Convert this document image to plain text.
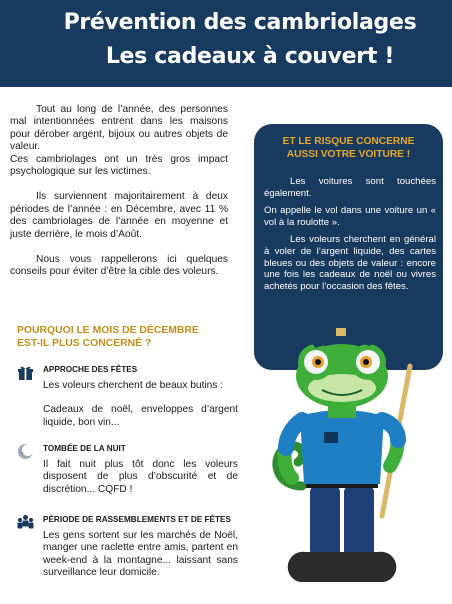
Prévention des cambriolages
Les cadeaux à couvert !

Tout au long de l’année, des personnes mal intentionnées entrent dans les maisons pour dérober argent, bijoux ou autres objets de valeur.
Ces cambriolages ont un très gros impact psychologique sur les victimes.

Ils surviennent majoritairement à deux périodes de l’année : en Décembre, avec 11 % des cambriolages de l’année en moyenne et juste derrière, le mois d’Août.

Nous vous rappellerons ici quelques conseils pour éviter d’être la cible des voleurs.

POURQUOI LE MOIS DE DÉCEMBRE
EST-IL PLUS CONCERNÉ ?
APPROCHE DES FÊTES

Les voleurs cherchent de beaux butins :

Cadeaux de noël, enveloppes d’argent liquide, bon vin...

TOMBÉE DE LA NUIT

Il fait nuit plus tôt donc les voleurs disposent de plus d’obscurité et de discrétion... CQFD !

PÉRIODE DE RASSEMBLEMENTS ET DE FÊTES

Les gens sortent sur les marchés de Noël, manger une raclette entre amis, partent en week-end à la montagne... laissant sans surveillance leur domicile.

ET LE RISQUE CONCERNE
AUSSI VOTRE VOITURE !

Les voitures sont touchées également.

On appelle le vol dans une voiture un « vol à la roulotte ».

Les voleurs cherchent en général à voler de l’argent liquide, des cartes bleues ou des objets de valeur : encore une fois les cadeaux de noël ou vivres achetés pour l’occasion des fêtes.
